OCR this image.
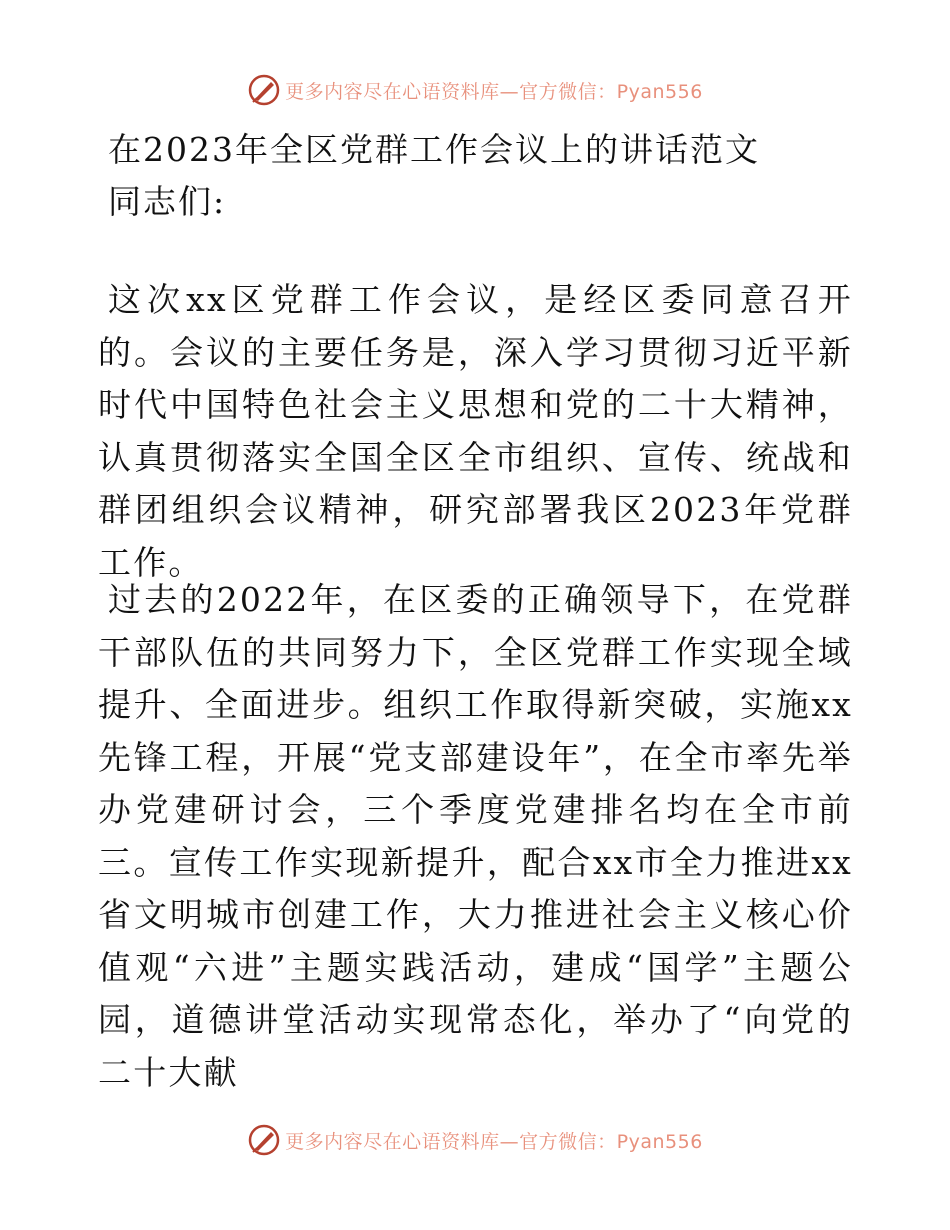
更多内容尽在心语资料库—官方微信：Pyan556
在2023年全区党群工作会议上的讲话范文
同志们:

这次xx区党群工作会议，是经区委同意召开的。会议的主要任务是，深入学习贯彻习近平新时代中国特色社会主义思想和党的二十大精神，认真贯彻落实全国全区全市组织、宣传、统战和群团组织会议精神，研究部署我区2023年党群工作。

过去的2022年，在区委的正确领导下，在党群干部队伍的共同努力下，全区党群工作实现全域提升、全面进步。组织工作取得新突破，实施xx先锋工程，开展“党支部建设年”，在全市率先举办党建研讨会，三个季度党建排名均在全市前三。宣传工作实现新提升，配合xx市全力推进xx省文明城市创建工作，大力推进社会主义核心价值观“六进”主题实践活动，建成“国学”主题公园，道德讲堂活动实现常态化，举办了“向党的二十大献

更多内容尽在心语资料库—官方微信：Pyan556
